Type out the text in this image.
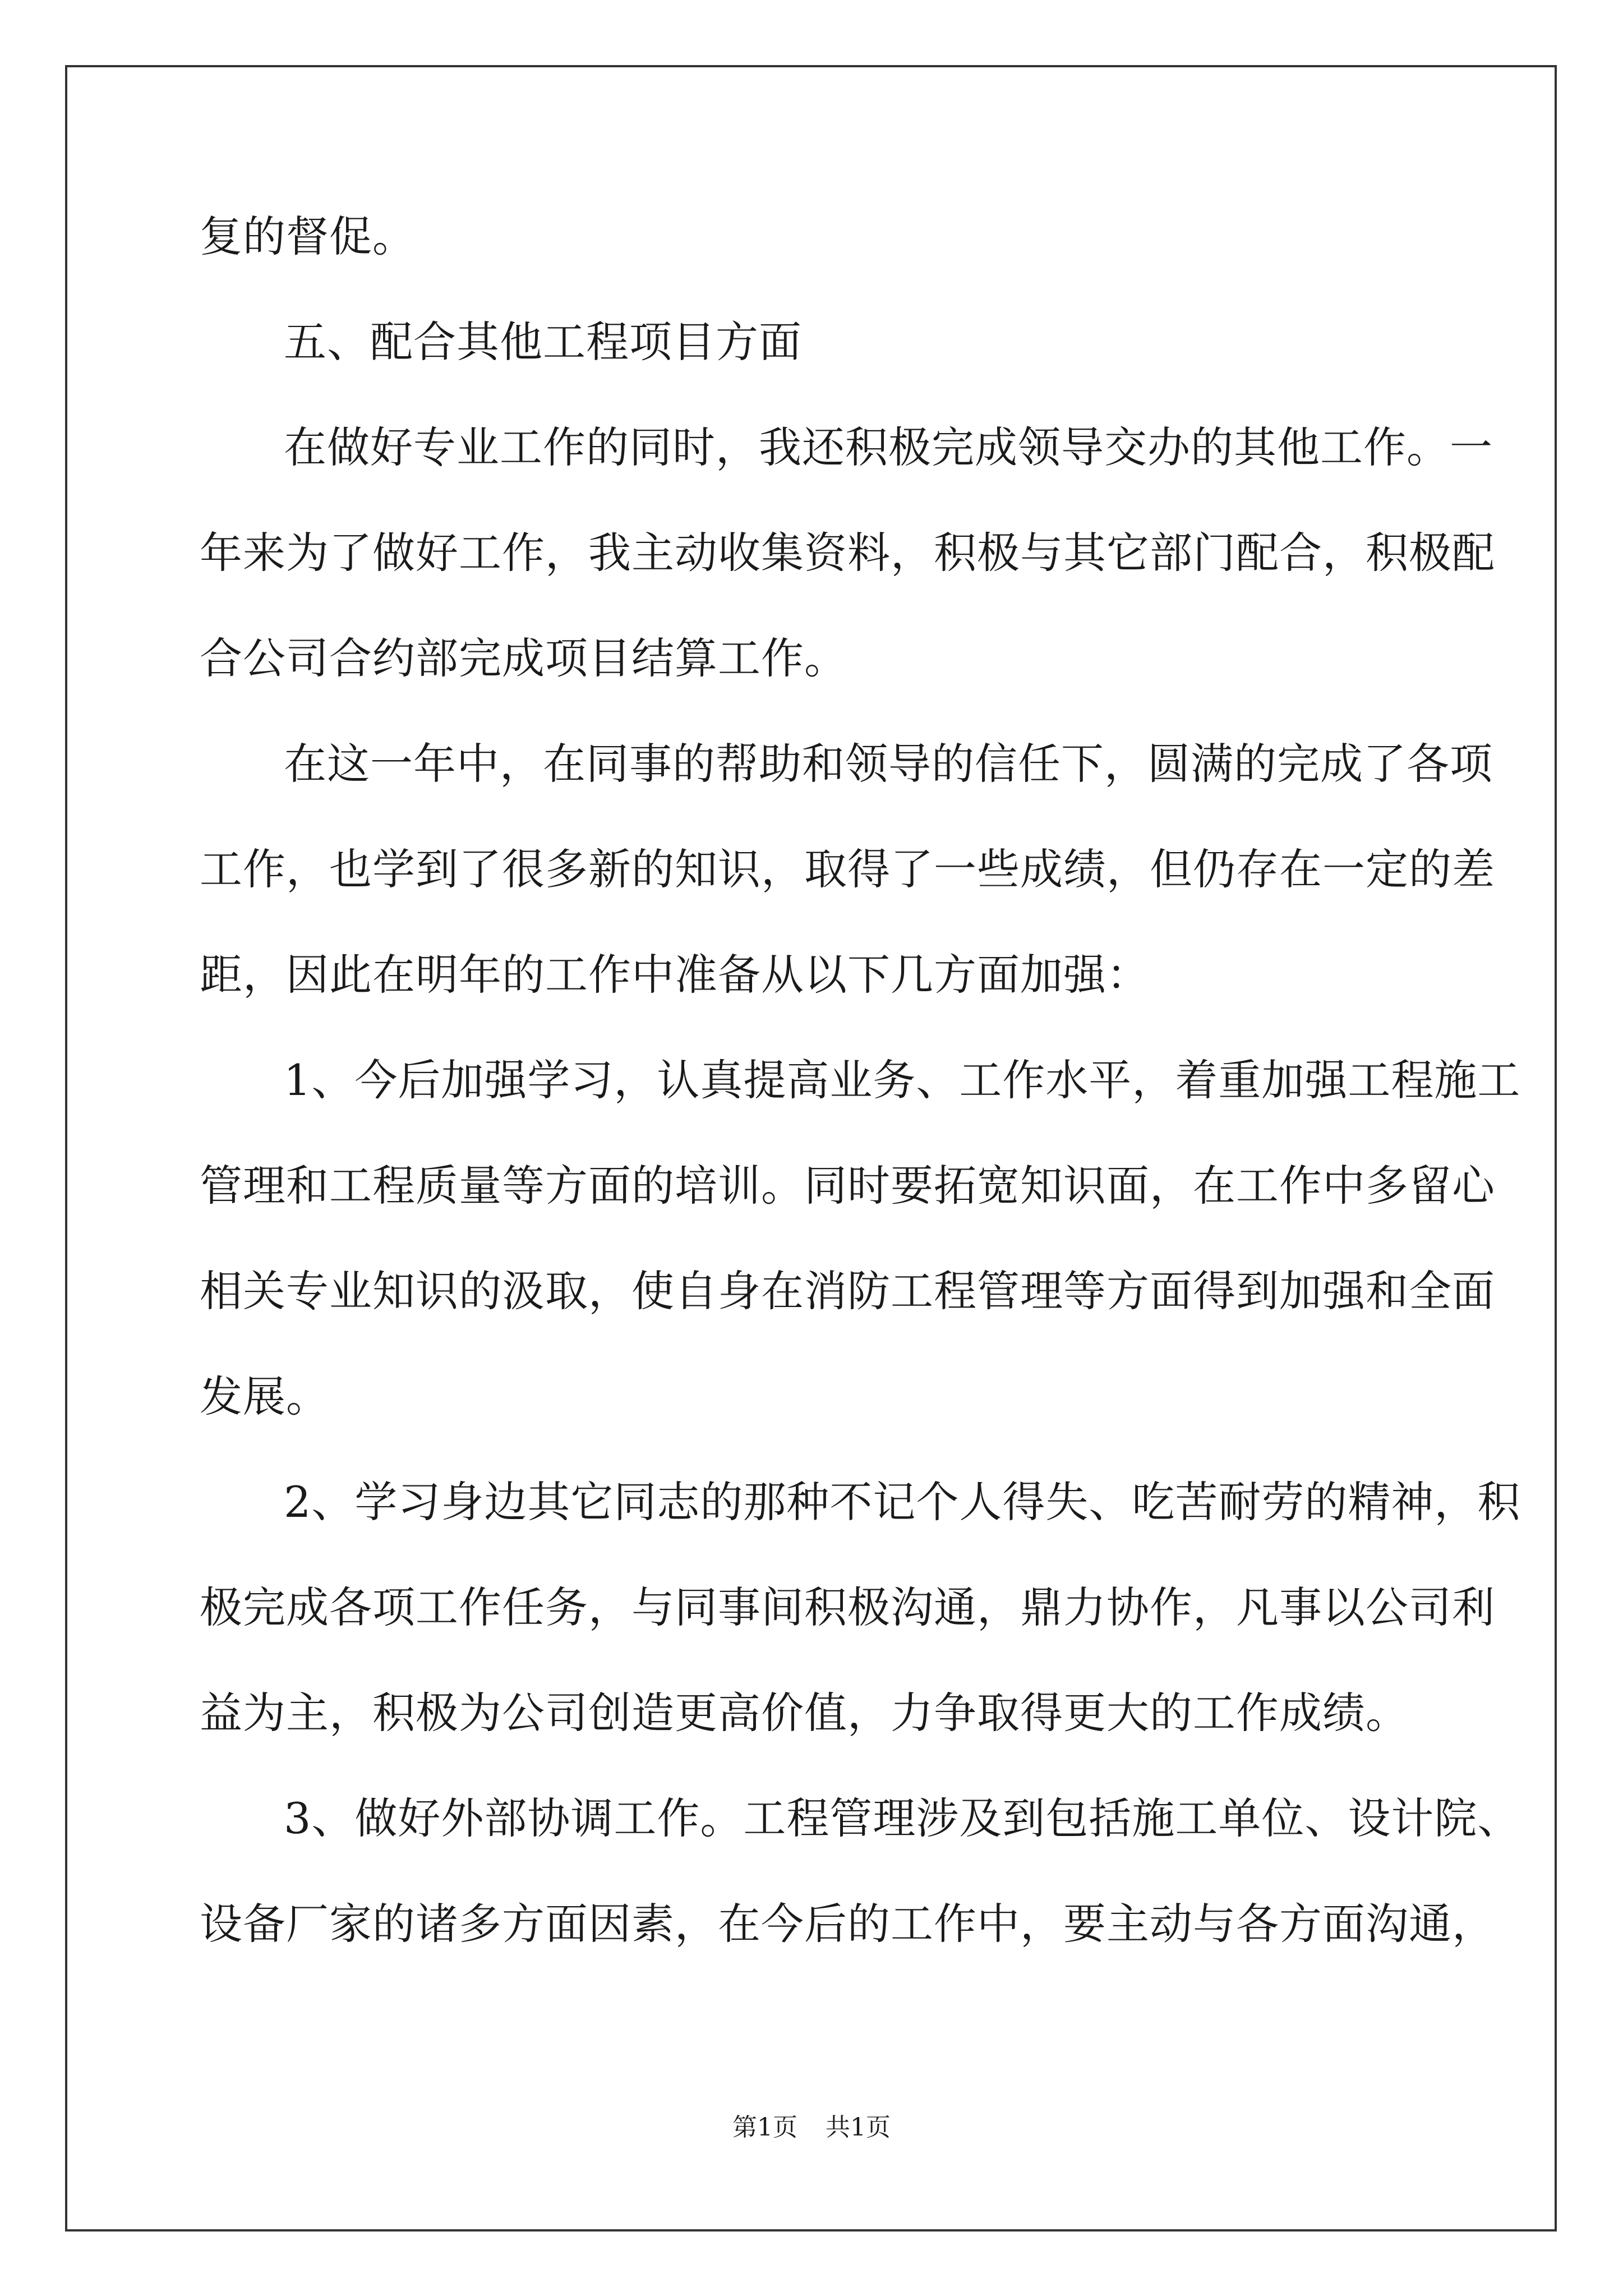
复的督促。
五、配合其他工程项目方面
在做好专业工作的同时，我还积极完成领导交办的其他工作。一
年来为了做好工作，我主动收集资料，积极与其它部门配合，积极配
合公司合约部完成项目结算工作。
在这一年中，在同事的帮助和领导的信任下，圆满的完成了各项
工作，也学到了很多新的知识，取得了一些成绩，但仍存在一定的差
距，因此在明年的工作中准备从以下几方面加强：
1、今后加强学习，认真提高业务、工作水平，着重加强工程施工
管理和工程质量等方面的培训。同时要拓宽知识面，在工作中多留心
相关专业知识的汲取，使自身在消防工程管理等方面得到加强和全面
发展。
2、学习身边其它同志的那种不记个人得失、吃苦耐劳的精神，积
极完成各项工作任务，与同事间积极沟通，鼎力协作，凡事以公司利
益为主，积极为公司创造更高价值，力争取得更大的工作成绩。
3、做好外部协调工作。工程管理涉及到包括施工单位、设计院、
设备厂家的诸多方面因素，在今后的工作中，要主动与各方面沟通，
第1页 共1页
